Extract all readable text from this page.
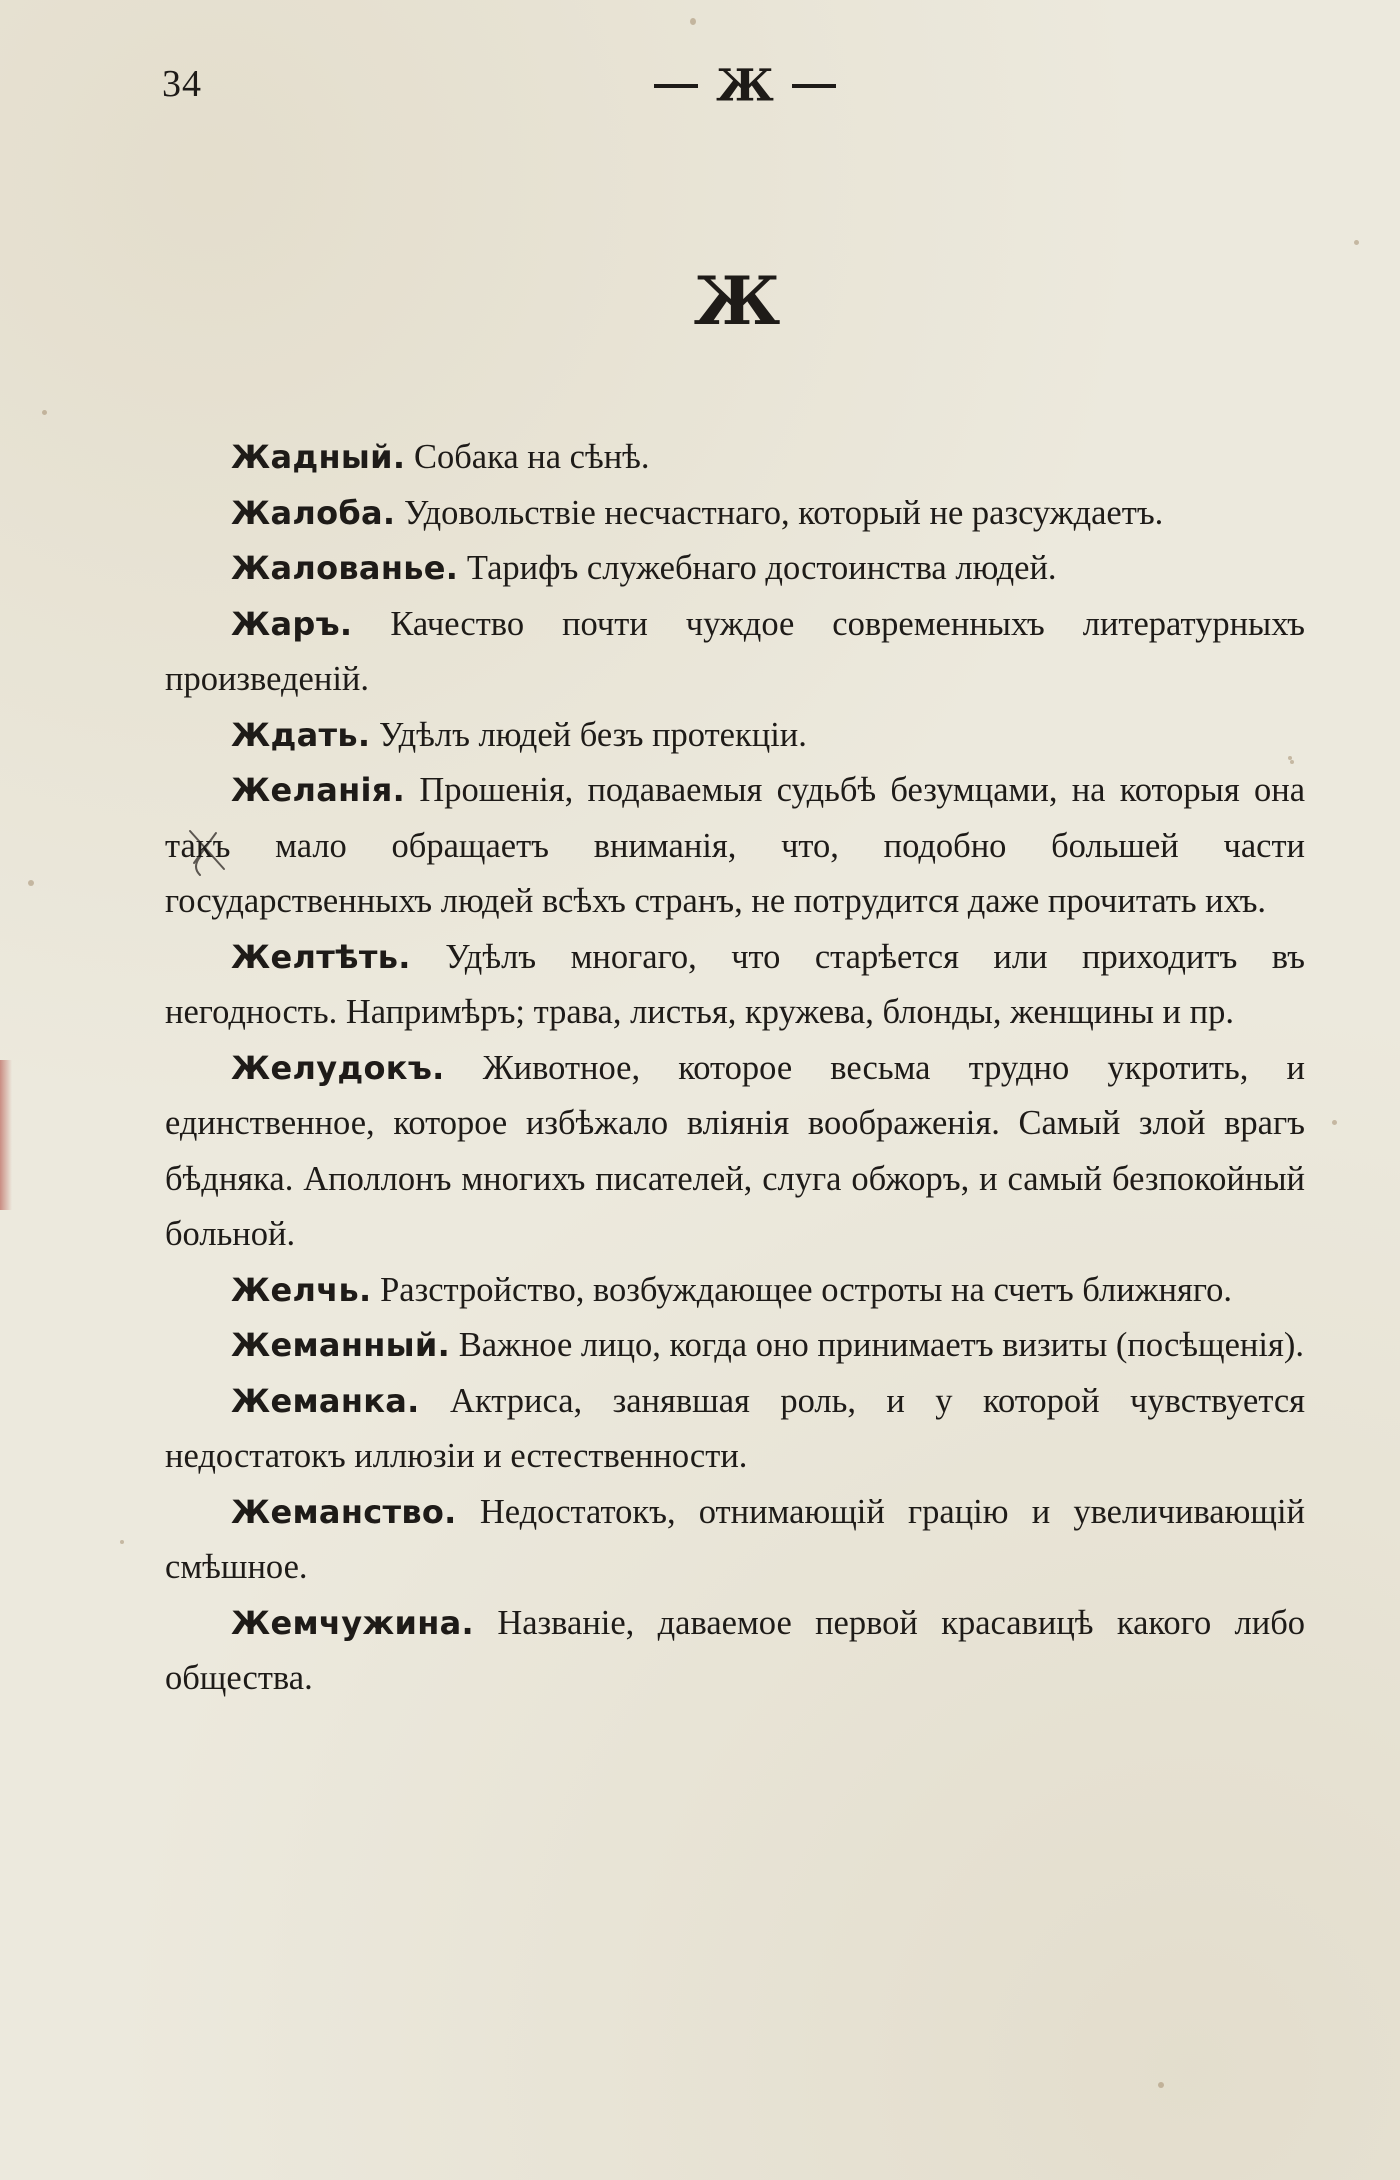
34	Ж
Ж

Жадный. Собака на сѣнѣ.

Жалоба. Удовольствіе несчастнаго, который не разсуждаетъ.

Жалованье. Тарифъ служебнаго достоинства людей.

Жаръ. Качество почти чуждое современныхъ литературныхъ произведеній.

Ждать. Удѣлъ людей безъ протекціи.

Желанія. Прошенія, подаваемыя судьбѣ безумцами, на которыя она такъ мало обращаетъ вниманія, что, подобно большей части государственныхъ людей всѣхъ странъ, не потрудится даже прочитать ихъ.

Желтѣть. Удѣлъ многаго, что старѣется или приходитъ въ негодность. Напримѣръ; трава, листья, кружева, блонды, женщины и пр.

Желудокъ. Животное, которое весьма трудно укротить, и единственное, которое избѣжало вліянія воображенія. Самый злой врагъ бѣдняка. Аполлонъ многихъ писателей, слуга обжоръ, и самый безпокойный больной.

Желчь. Разстройство, возбуждающее остроты на счетъ ближняго.

Жеманный. Важное лицо, когда оно принимаетъ визиты (посѣщенія).

Жеманка. Актриса, занявшая роль, и у которой чувствуется недостатокъ иллюзіи и естественности.

Жеманство. Недостатокъ, отнимающій грацію и увеличивающій смѣшное.

Жемчужина. Названіе, даваемое первой красавицѣ какого либо общества.
